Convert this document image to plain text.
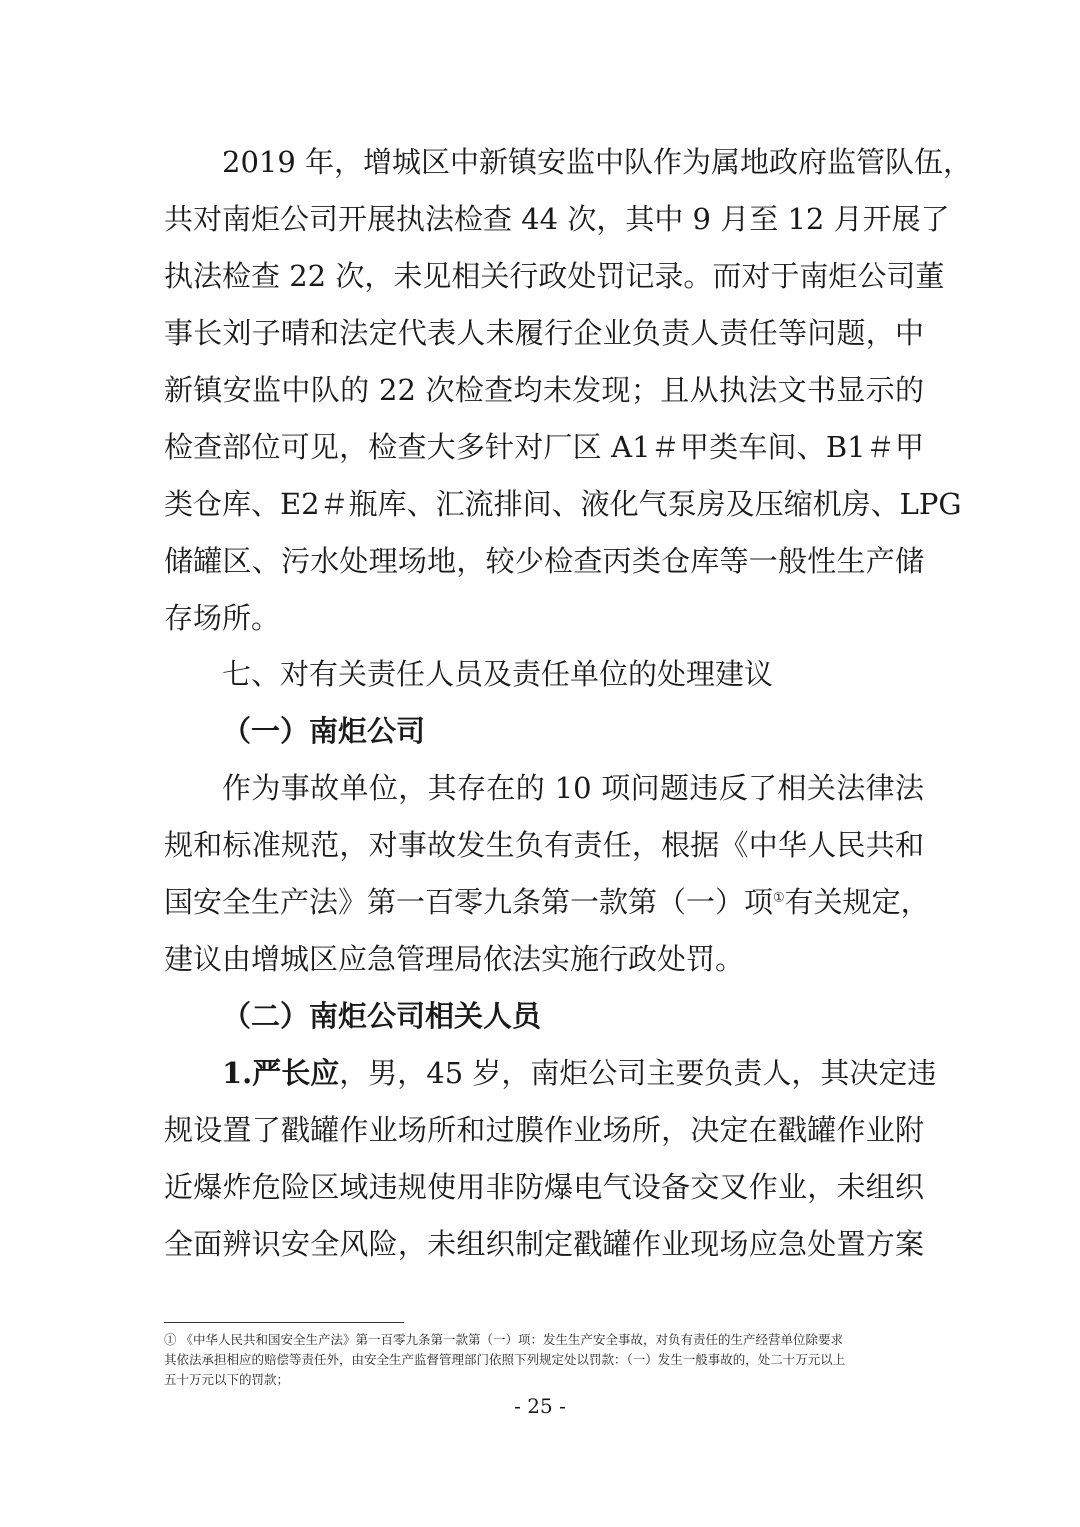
2019 年，增城区中新镇安监中队作为属地政府监管队伍，
共对南炬公司开展执法检查 44 次，其中 9 月至 12 月开展了
执法检查 22 次，未见相关行政处罚记录。而对于南炬公司董
事长刘子晴和法定代表人未履行企业负责人责任等问题，中
新镇安监中队的 22 次检查均未发现；且从执法文书显示的
检查部位可见，检查大多针对厂区 A1＃甲类车间、B1＃甲
类仓库、E2＃瓶库、汇流排间、液化气泵房及压缩机房、LPG
储罐区、污水处理场地，较少检查丙类仓库等一般性生产储
存场所。
七、对有关责任人员及责任单位的处理建议
（一）南炬公司
作为事故单位，其存在的 10 项问题违反了相关法律法
规和标准规范，对事故发生负有责任，根据《中华人民共和
国安全生产法》第一百零九条第一款第（一）项①有关规定，
建议由增城区应急管理局依法实施行政处罚。
（二）南炬公司相关人员
1.严长应，男，45 岁，南炬公司主要负责人，其决定违
规设置了戳罐作业场所和过膜作业场所，决定在戳罐作业附
近爆炸危险区域违规使用非防爆电气设备交叉作业，未组织
全面辨识安全风险，未组织制定戳罐作业现场应急处置方案
① 《中华人民共和国安全生产法》第一百零九条第一款第（一）项：发生生产安全事故，对负有责任的生产经营单位除要求
其依法承担相应的赔偿等责任外，由安全生产监督管理部门依照下列规定处以罚款：（一）发生一般事故的，处二十万元以上
五十万元以下的罚款；
- 25 -
